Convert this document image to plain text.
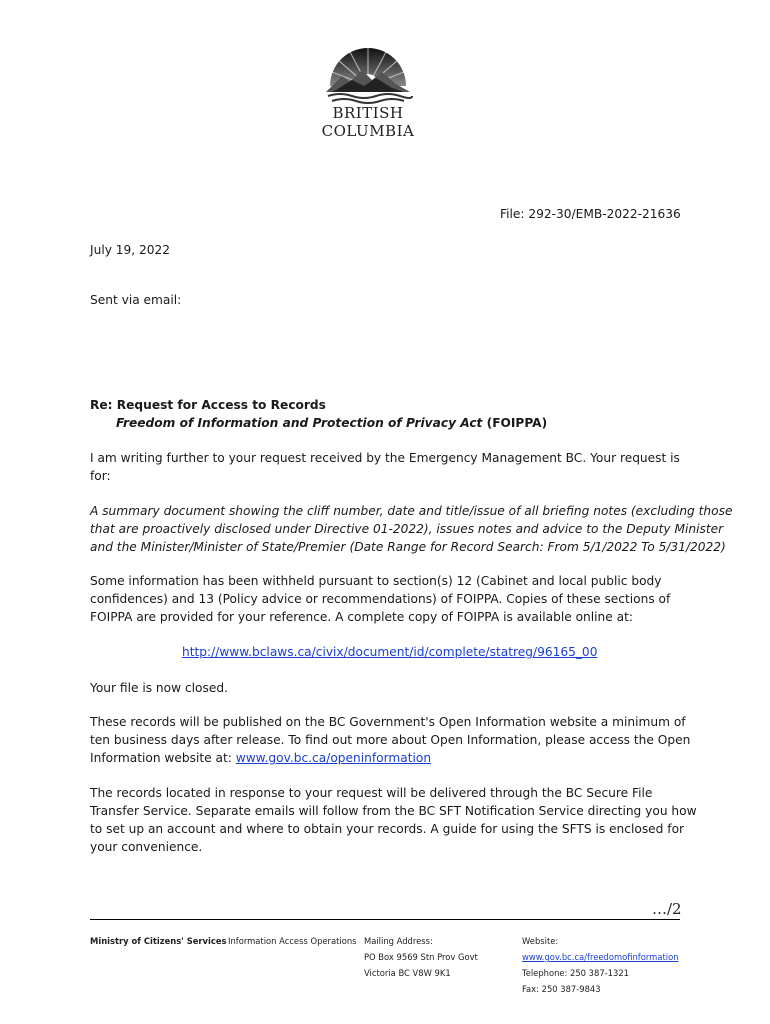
BRITISH
COLUMBIA
File: 292-30/EMB-2022-21636
July 19, 2022
Sent via email:
Re: Request for Access to Records
Freedom of Information and Protection of Privacy Act (FOIPPA)
I am writing further to your request received by the Emergency Management BC. Your request is
for:
A summary document showing the cliff number, date and title/issue of all briefing notes (excluding those
that are proactively disclosed under Directive 01-2022), issues notes and advice to the Deputy Minister
and the Minister/Minister of State/Premier (Date Range for Record Search: From 5/1/2022 To 5/31/2022)
Some information has been withheld pursuant to section(s) 12 (Cabinet and local public body
confidences) and 13 (Policy advice or recommendations) of FOIPPA. Copies of these sections of
FOIPPA are provided for your reference. A complete copy of FOIPPA is available online at:
http://www.bclaws.ca/civix/document/id/complete/statreg/96165_00
Your file is now closed.
These records will be published on the BC Government's Open Information website a minimum of
ten business days after release. To find out more about Open Information, please access the Open
Information website at: www.gov.bc.ca/openinformation
The records located in response to your request will be delivered through the BC Secure File
Transfer Service. Separate emails will follow from the BC SFT Notification Service directing you how
to set up an account and where to obtain your records. A guide for using the SFTS is enclosed for
your convenience.
…/2
Ministry of Citizens' Services Information Access Operations Mailing Address:
PO Box 9569 Stn Prov Govt
Victoria BC V8W 9K1
Website:
www.gov.bc.ca/freedomofinformation
Telephone: 250 387-1321
Fax: 250 387-9843
